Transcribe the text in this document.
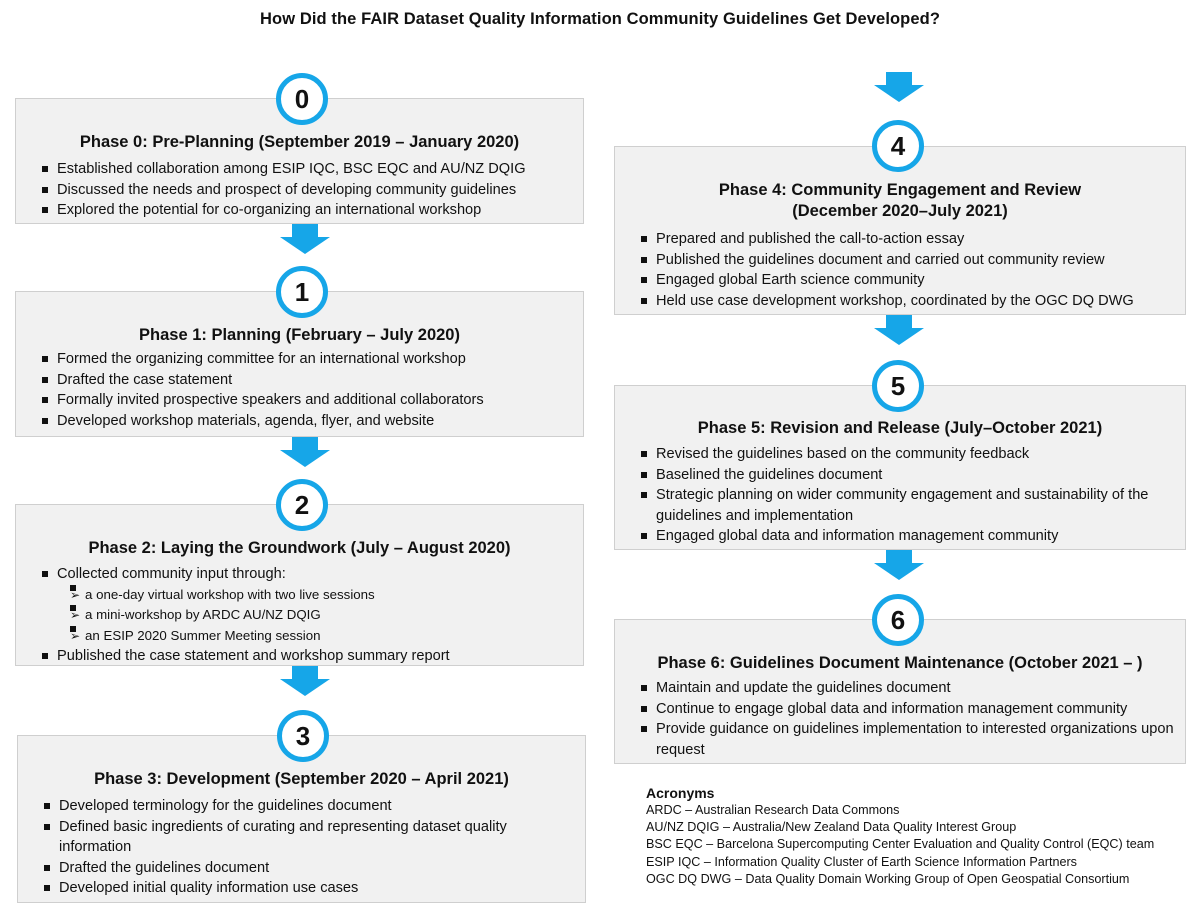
How Did the FAIR Dataset Quality Information Community Guidelines Get Developed?
Phase 0: Pre-Planning (September 2019 – January 2020)
Established collaboration among ESIP IQC, BSC EQC and AU/NZ DQIG
Discussed the needs and prospect of developing community guidelines
Explored the potential for co-organizing an international workshop
Phase 1: Planning (February – July 2020)
Formed the organizing committee for an international workshop
Drafted the case statement
Formally invited prospective speakers and additional collaborators
Developed workshop materials, agenda, flyer, and website
Phase 2: Laying the Groundwork (July – August 2020)
Collected community input through:
➢ a one-day virtual workshop with two live sessions
➢ a mini-workshop by ARDC AU/NZ DQIG
➢ an ESIP 2020 Summer Meeting session
Published the case statement and workshop summary report
Phase 3: Development (September 2020 – April 2021)
Developed terminology for the guidelines document
Defined basic ingredients of curating and representing dataset quality information
Drafted the guidelines document
Developed initial quality information use cases
Phase 4: Community Engagement and Review
(December 2020–July 2021)
Prepared and published the call-to-action essay
Published the guidelines document and carried out community review
Engaged global Earth science community
Held use case development workshop, coordinated by the OGC DQ DWG
Phase 5: Revision and Release (July–October 2021)
Revised the guidelines based on the community feedback
Baselined the guidelines document
Strategic planning on wider community engagement and sustainability of the guidelines and implementation
Engaged global data and information management community
Phase 6: Guidelines Document Maintenance (October 2021 – )
Maintain and update the guidelines document
Continue to engage global data and information management community
Provide guidance on guidelines implementation to interested organizations upon request
0
1
2
3
4
5
6
Acronyms
ARDC – Australian Research Data Commons
AU/NZ DQIG – Australia/New Zealand Data Quality Interest Group
BSC EQC – Barcelona Supercomputing Center Evaluation and Quality Control (EQC) team
ESIP IQC – Information Quality Cluster of Earth Science Information Partners
OGC DQ DWG – Data Quality Domain Working Group of Open Geospatial Consortium
